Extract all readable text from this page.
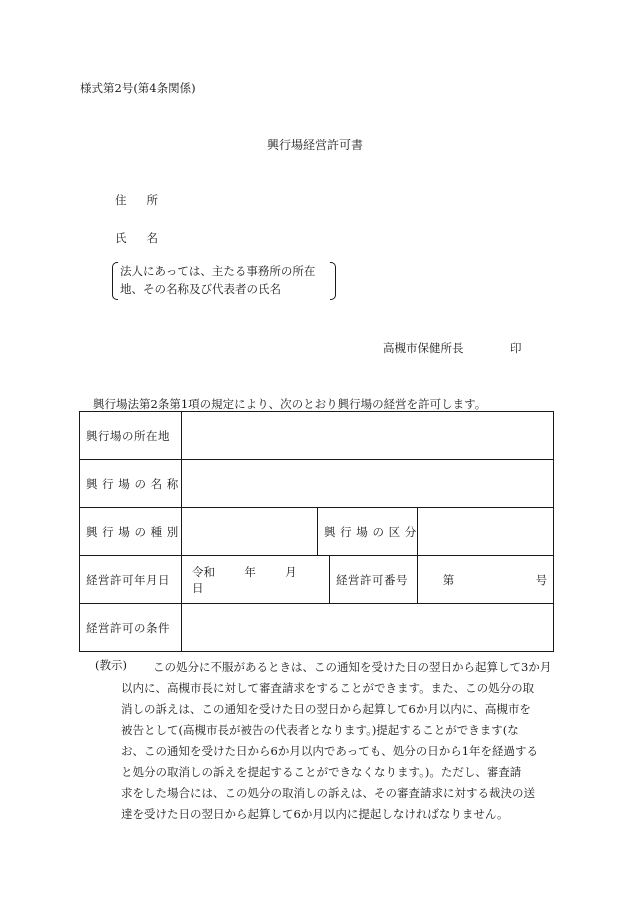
様式第2号(第4条関係)
興行場経営許可書
住 所
氏 名
法人にあっては、主たる事務所の所在
地、その名称及び代表者の氏名
高槻市保健所長	印
興行場法第2条第1項の規定により、次のとおり興行場の経営を許可します。
興行場の所在地				
興 行 場 の 名 称				
興 行 場 の 種 別		興 行 場 の 区 分		
経営許可年月日	令和 年 月  日		経営許可番号	第 号
経営許可の条件				
(教示)	この処分に不服があるときは、この通知を受けた日の翌日から起算して3か月
以内に、高槻市長に対して審査請求をすることができます。また、この処分の取
消しの訴えは、この通知を受けた日の翌日から起算して6か月以内に、高槻市を
被告として(高槻市長が被告の代表者となります。)提起することができます(な
お、この通知を受けた日から6か月以内であっても、処分の日から1年を経過する
と処分の取消しの訴えを提起することができなくなります。)。ただし、審査請
求をした場合には、この処分の取消しの訴えは、その審査請求に対する裁決の送
達を受けた日の翌日から起算して6か月以内に提起しなければなりません。
